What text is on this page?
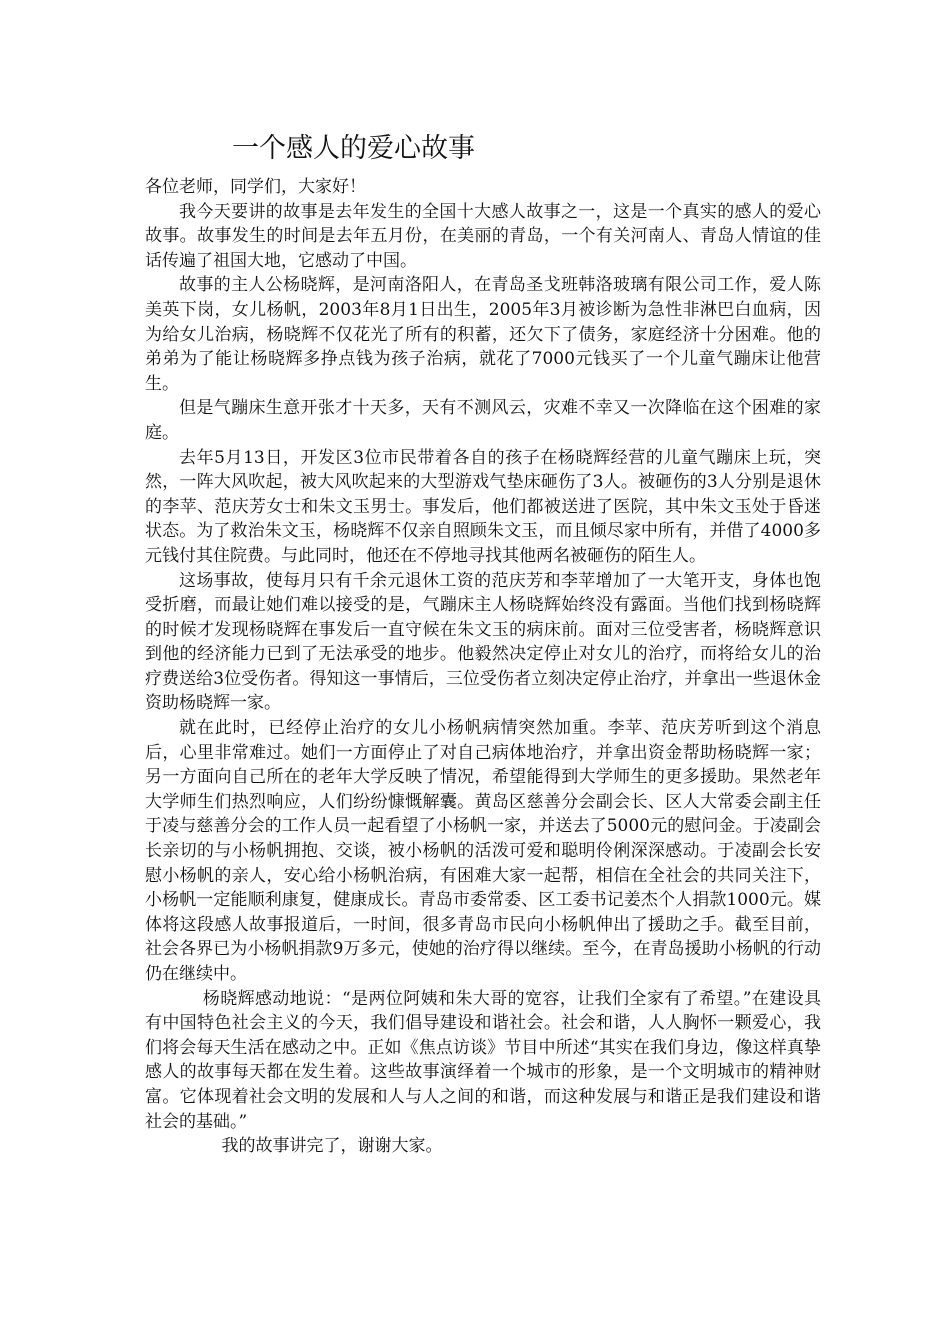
一个感人的爱心故事

各位老师，同学们，大家好！

我今天要讲的故事是去年发生的全国十大感人故事之一，这是一个真实的感人的爱心故事。故事发生的时间是去年五月份，在美丽的青岛，一个有关河南人、青岛人情谊的佳话传遍了祖国大地，它感动了中国。

故事的主人公杨晓辉，是河南洛阳人，在青岛圣戈班韩洛玻璃有限公司工作，爱人陈美英下岗，女儿杨帆，2003年8月1日出生，2005年3月被诊断为急性非淋巴白血病，因为给女儿治病，杨晓辉不仅花光了所有的积蓄，还欠下了债务，家庭经济十分困难。他的弟弟为了能让杨晓辉多挣点钱为孩子治病，就花了7000元钱买了一个儿童气蹦床让他营生。

但是气蹦床生意开张才十天多，天有不测风云，灾难不幸又一次降临在这个困难的家庭。

去年5月13日，开发区3位市民带着各自的孩子在杨晓辉经营的儿童气蹦床上玩，突然，一阵大风吹起，被大风吹起来的大型游戏气垫床砸伤了3人。被砸伤的3人分别是退休的李苹、范庆芳女士和朱文玉男士。事发后，他们都被送进了医院，其中朱文玉处于昏迷状态。为了救治朱文玉，杨晓辉不仅亲自照顾朱文玉，而且倾尽家中所有，并借了4000多元钱付其住院费。与此同时，他还在不停地寻找其他两名被砸伤的陌生人。

这场事故，使每月只有千余元退休工资的范庆芳和李苹增加了一大笔开支，身体也饱受折磨，而最让她们难以接受的是，气蹦床主人杨晓辉始终没有露面。当他们找到杨晓辉的时候才发现杨晓辉在事发后一直守候在朱文玉的病床前。面对三位受害者，杨晓辉意识到他的经济能力已到了无法承受的地步。他毅然决定停止对女儿的治疗，而将给女儿的治疗费送给3位受伤者。得知这一事情后，三位受伤者立刻决定停止治疗，并拿出一些退休金资助杨晓辉一家。

就在此时，已经停止治疗的女儿小杨帆病情突然加重。李苹、范庆芳听到这个消息后，心里非常难过。她们一方面停止了对自己病体地治疗，并拿出资金帮助杨晓辉一家；另一方面向自己所在的老年大学反映了情况，希望能得到大学师生的更多援助。果然老年大学师生们热烈响应，人们纷纷慷慨解囊。黄岛区慈善分会副会长、区人大常委会副主任于凌与慈善分会的工作人员一起看望了小杨帆一家，并送去了5000元的慰问金。于凌副会长亲切的与小杨帆拥抱、交谈，被小杨帆的活泼可爱和聪明伶俐深深感动。于凌副会长安慰小杨帆的亲人，安心给小杨帆治病，有困难大家一起帮，相信在全社会的共同关注下，小杨帆一定能顺利康复，健康成长。青岛市委常委、区工委书记姜杰个人捐款1000元。媒体将这段感人故事报道后，一时间，很多青岛市民向小杨帆伸出了援助之手。截至目前，社会各界已为小杨帆捐款9万多元，使她的治疗得以继续。至今，在青岛援助小杨帆的行动仍在继续中。

杨晓辉感动地说：“是两位阿姨和朱大哥的宽容，让我们全家有了希望。”在建设具有中国特色社会主义的今天，我们倡导建设和谐社会。社会和谐，人人胸怀一颗爱心，我们将会每天生活在感动之中。正如《焦点访谈》节目中所述“其实在我们身边，像这样真挚感人的故事每天都在发生着。这些故事演绎着一个城市的形象，是一个文明城市的精神财富。它体现着社会文明的发展和人与人之间的和谐，而这种发展与和谐正是我们建设和谐社会的基础。”

我的故事讲完了，谢谢大家。
